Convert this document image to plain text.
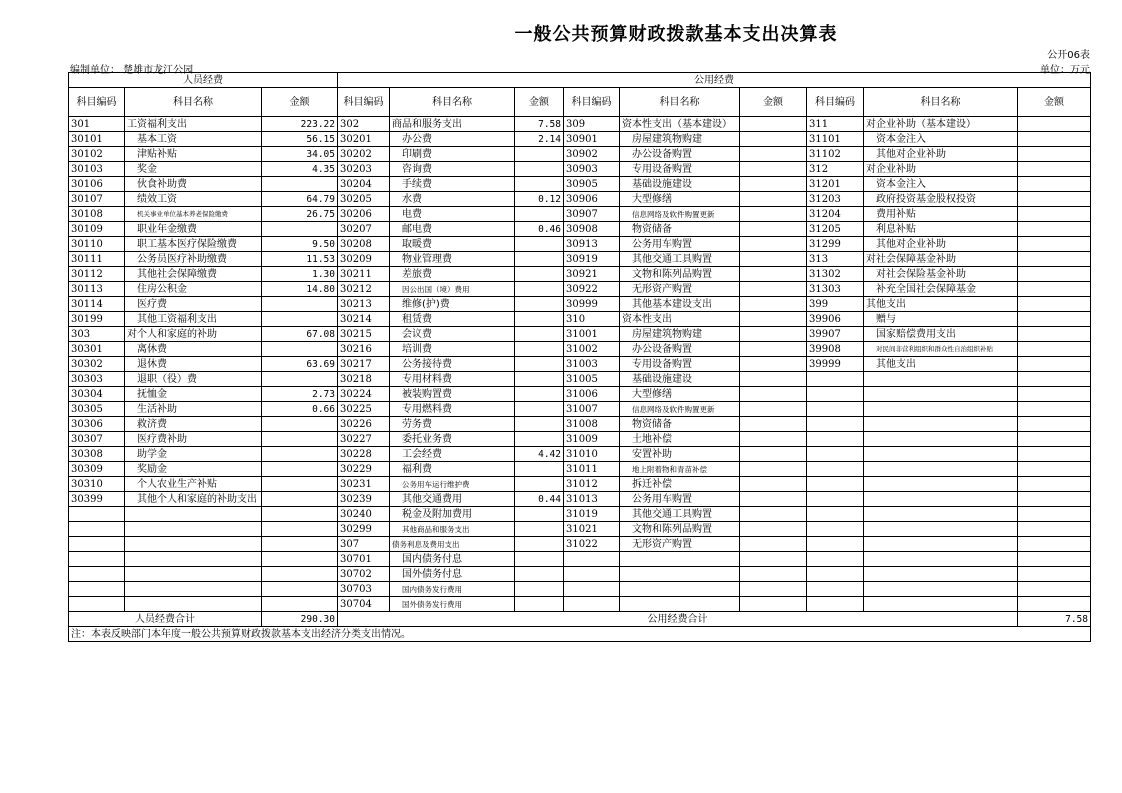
一般公共预算财政拨款基本支出决算表
公开06表
编制单位： 楚雄市龙江公园	单位：万元
人员经费			公用经费								
科目编码	科目名称	金额	科目编码	科目名称	金额	科目编码	科目名称	金额	科目编码	科目名称	金额
301	工资福利支出	223.22	302	商品和服务支出	7.58	309	资本性支出（基本建设）		311	对企业补助（基本建设）	
30101	基本工资	56.15	30201	办公费	2.14	30901	房屋建筑物购建		31101	资本金注入	
30102	津贴补贴	34.05	30202	印刷费		30902	办公设备购置		31102	其他对企业补助	
30103	奖金	4.35	30203	咨询费		30903	专用设备购置		312	对企业补助	
30106	伙食补助费		30204	手续费		30905	基础设施建设		31201	资本金注入	
30107	绩效工资	64.79	30205	水费	0.12	30906	大型修缮		31203	政府投资基金股权投资	
30108	机关事业单位基本养老保险缴费	26.75	30206	电费		30907	信息网络及软件购置更新		31204	费用补贴	
30109	职业年金缴费		30207	邮电费	0.46	30908	物资储备		31205	利息补贴	
30110	职工基本医疗保险缴费	9.50	30208	取暖费		30913	公务用车购置		31299	其他对企业补助	
30111	公务员医疗补助缴费	11.53	30209	物业管理费		30919	其他交通工具购置		313	对社会保障基金补助	
30112	其他社会保障缴费	1.30	30211	差旅费		30921	文物和陈列品购置		31302	对社会保险基金补助	
30113	住房公积金	14.80	30212	因公出国（境）费用		30922	无形资产购置		31303	补充全国社会保障基金	
30114	医疗费		30213	维修(护)费		30999	其他基本建设支出		399	其他支出	
30199	其他工资福利支出		30214	租赁费		310	资本性支出		39906	赠与	
303	对个人和家庭的补助	67.08	30215	会议费		31001	房屋建筑物购建		39907	国家赔偿费用支出	
30301	离休费		30216	培训费		31002	办公设备购置		39908	对民间非营利组织和群众性自治组织补贴	
30302	退休费	63.69	30217	公务接待费		31003	专用设备购置		39999	其他支出	
30303	退职（役）费		30218	专用材料费		31005	基础设施建设				
30304	抚恤金	2.73	30224	被装购置费		31006	大型修缮				
30305	生活补助	0.66	30225	专用燃料费		31007	信息网络及软件购置更新				
30306	救济费		30226	劳务费		31008	物资储备				
30307	医疗费补助		30227	委托业务费		31009	土地补偿				
30308	助学金		30228	工会经费	4.42	31010	安置补助				
30309	奖励金		30229	福利费		31011	地上附着物和青苗补偿				
30310	个人农业生产补贴		30231	公务用车运行维护费		31012	拆迁补偿				
30399	其他个人和家庭的补助支出		30239	其他交通费用	0.44	31013	公务用车购置				
			30240	税金及附加费用		31019	其他交通工具购置				
			30299	其他商品和服务支出		31021	文物和陈列品购置				
			307	债务利息及费用支出		31022	无形资产购置				
			30701	国内债务付息							
			30702	国外债务付息							
			30703	国内债务发行费用							
			30704	国外债务发行费用							
人员经费合计		290.30	公用经费合计								7.58
注：本表反映部门本年度一般公共预算财政拨款基本支出经济分类支出情况。											
